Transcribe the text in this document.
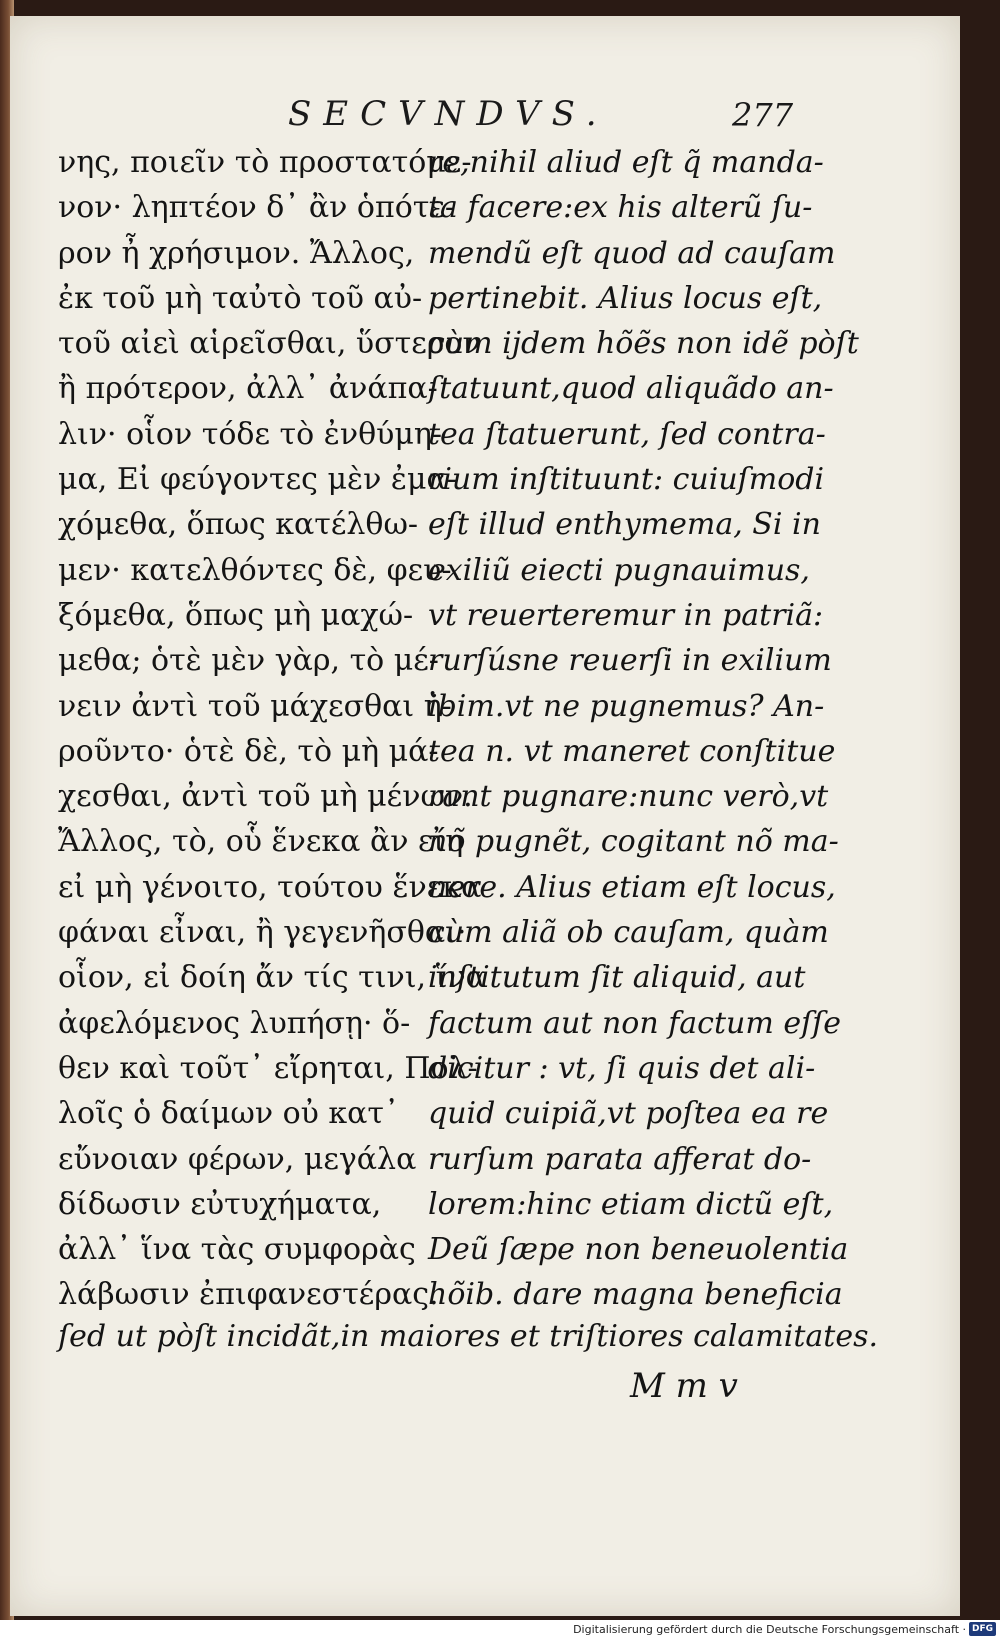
SECVNDVS.	277
νης, ποιεῖν τὸ προστατόμε-
νον· ληπτέον δ᾽ ἂν ὁπότε-
ρον ἦ χρήσιμον. Ἄλλος,
ἐκ τοῦ μὴ ταὐτὸ τοῦ αὐ-
τοῦ αἰεὶ αἱρεῖσθαι, ὕστερον
ἢ πρότερον, ἀλλ᾽ ἀνάπα-
λιν· οἷον τόδε τὸ ἐνθύμη-
μα, Εἰ φεύγοντες μὲν ἐμα-
χόμεθα, ὅπως κατέλθω-
μεν· κατελθόντες δὲ, φευ-
ξόμεθα, ὅπως μὴ μαχώ-
μεθα; ὁτὲ μὲν γὰρ, τὸ μέ-
νειν ἀντὶ τοῦ μάχεσθαι ἡ-
ροῦντο· ὁτὲ δὲ, τὸ μὴ μά-
χεσθαι, ἀντὶ τοῦ μὴ μένων.
Ἄλλος, τὸ, οὗ ἕνεκα ἂν εἴη
εἰ μὴ γένοιτο, τούτου ἕνεκα
φάναι εἶναι, ἢ γεγενῆσθαι·
οἷον, εἰ δοίη ἄν τίς τινι, ἵνα
ἀφελόμενος λυπήσῃ· ὅ-
θεν καὶ τοῦτ᾽ εἴρηται, Πολ-
λοῖς ὁ δαίμων οὐ κατ᾽
εὔνοιαν φέρων, μεγάλα
δίδωσιν εὐτυχήματα,
ἀλλ᾽ ἵνα τὰς συμφορὰς
λάβωσιν ἐπιφανεστέρας.
re,nihil aliud eſt q̃ manda-
ta facere:ex his alterũ ſu-
mendũ eſt quod ad cauſam
pertinebit. Alius locus eſt,
cùm ijdem hõẽs non idẽ pòſt
ſtatuunt,quod aliquãdo an-
tea ſtatuerunt, ſed contra-
rium inſtituunt: cuiuſmodi
eſt illud enthymema, Si in
exiliũ eiecti pugnauimus,
vt reuerteremur in patriã:
rurſúsne reuerſi in exilium
ibim.vt ne pugnemus? An-
tea n. vt maneret conſtitue
rant pugnare:nunc verò,vt
nõ pugnẽt, cogitant nõ ma-
nere. Alius etiam eſt locus,
cùm aliã ob cauſam, quàm
inſtitutum ſit aliquid, aut
factum aut non factum eſſe
dicitur : vt, ſi quis det ali-
quid cuipiã,vt poſtea ea re
rurſum parata afferat do-
lorem:hinc etiam dictũ eſt,
Deũ ſæpe non beneuolentia
hõib. dare magna beneficia
ſed ut pòſt incidãt,in maiores et triſtiores calamitates.
M m v
Digitalisierung gefördert durch die Deutsche Forschungsgemeinschaft · DFG
